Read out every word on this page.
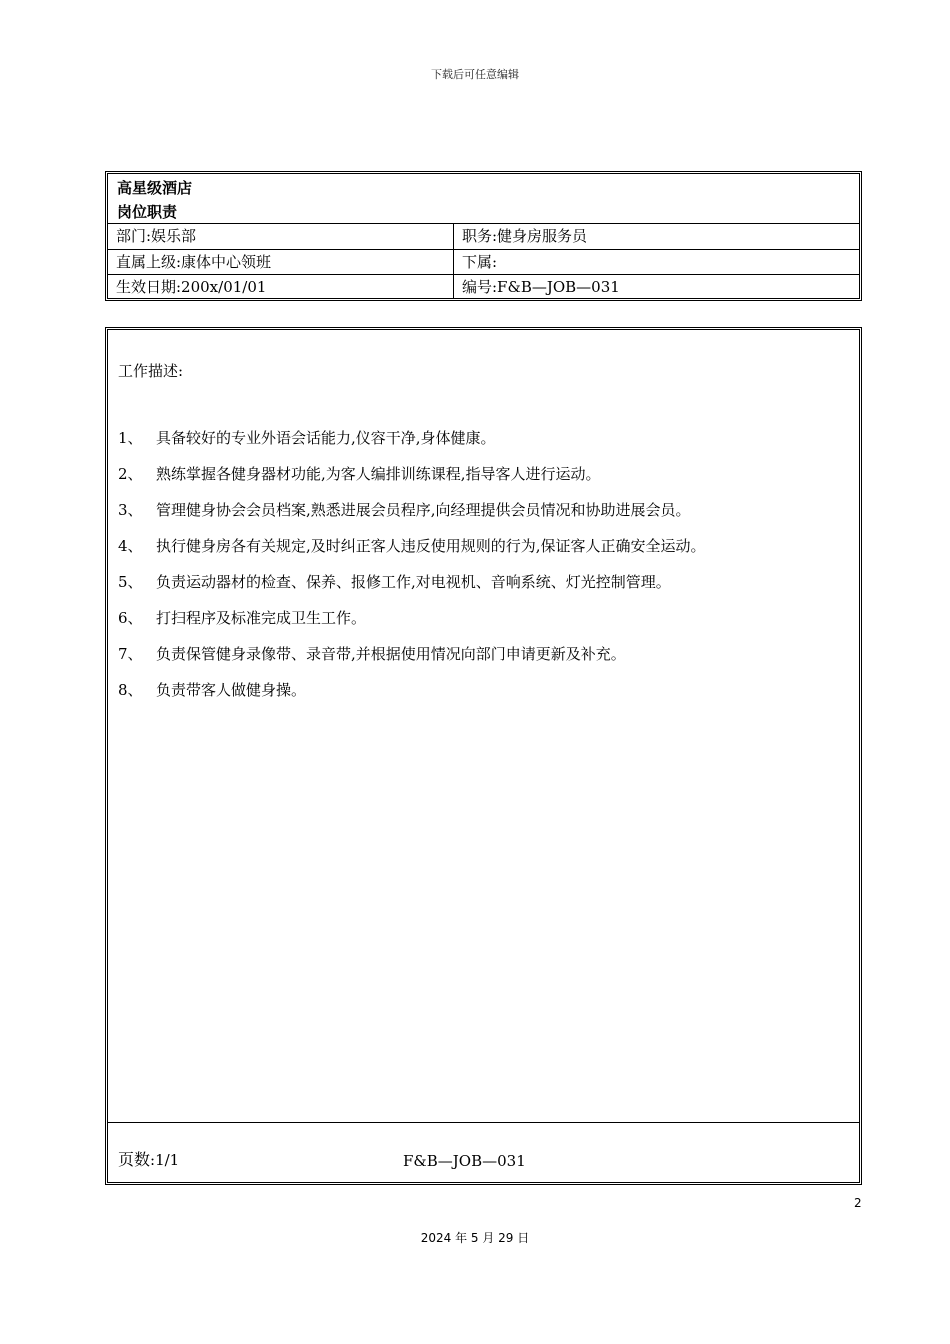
下载后可任意编辑
高星级酒店
岗位职责
部门:娱乐部	职务:健身房服务员
直属上级:康体中心领班	下属:
生效日期:200x/01/01	编号:F&B—JOB—031
工作描述:
1、 具备较好的专业外语会话能力,仪容干净,身体健康。
2、 熟练掌握各健身器材功能,为客人编排训练课程,指导客人进行运动。
3、 管理健身协会会员档案,熟悉进展会员程序,向经理提供会员情况和协助进展会员。
4、 执行健身房各有关规定,及时纠正客人违反使用规则的行为,保证客人正确安全运动。
5、 负责运动器材的检查、保养、报修工作,对电视机、音响系统、灯光控制管理。
6、 打扫程序及标准完成卫生工作。
7、 负责保管健身录像带、录音带,并根据使用情况向部门申请更新及补充。
8、 负责带客人做健身操。
页数:1/1	F&B—JOB—031
2
2024 年 5 月 29 日
